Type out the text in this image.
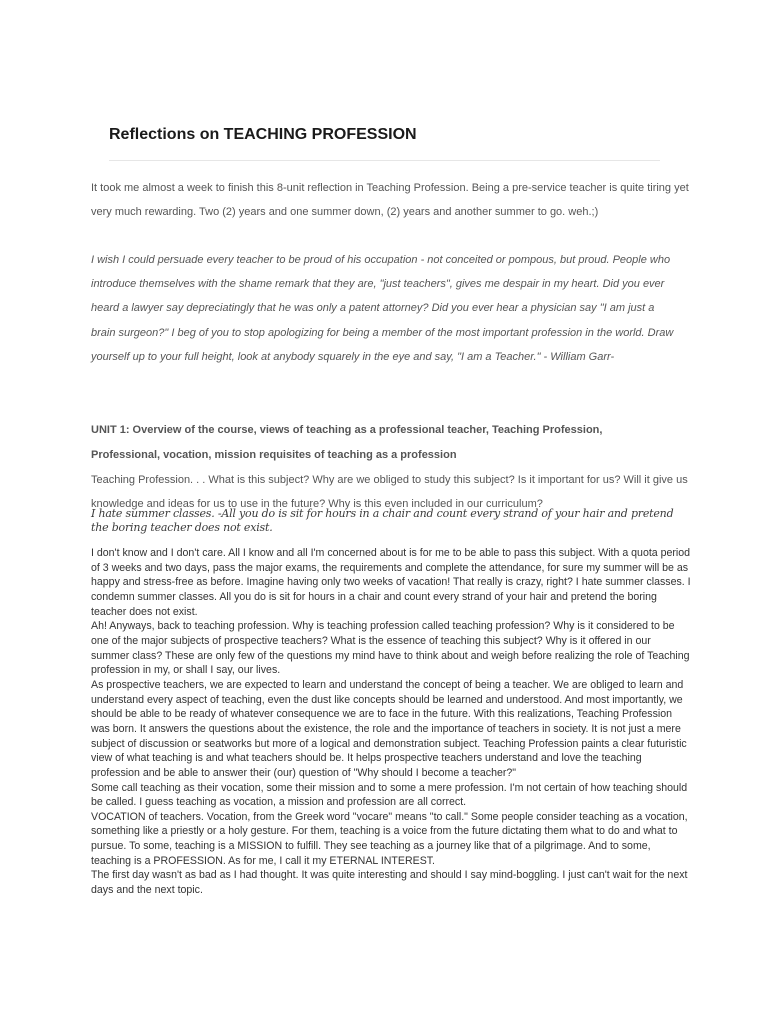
Reflections on TEACHING PROFESSION

It took me almost a week to finish this 8-unit reflection in Teaching Profession. Being a pre-service teacher is quite tiring yet very much rewarding. Two (2) years and one summer down, (2) years and another summer to go. weh.;)

I wish I could persuade every teacher to be proud of his occupation - not conceited or pompous, but proud. People who introduce themselves with the shame remark that they are, "just teachers", gives me despair in my heart. Did you ever heard a lawyer say depreciatingly that he was only a patent attorney? Did you ever hear a physician say "I am just a brain surgeon?" I beg of you to stop apologizing for being a member of the most important profession in the world. Draw yourself up to your full height, look at anybody squarely in the eye and say, "I am a Teacher." - William Garr-

UNIT 1: Overview of the course, views of teaching as a professional teacher, Teaching Profession, Professional, vocation, mission requisites of teaching as a profession

Teaching Profession. . . What is this subject? Why are we obliged to study this subject? Is it important for us? Will it give us knowledge and ideas for us to use in the future? Why is this even included in our curriculum?

I hate summer classes. -All you do is sit for hours in a chair and count every strand of your hair and pretend the boring teacher does not exist.

I don't know and I don't care. All I know and all I'm concerned about is for me to be able to pass this subject. With a quota period of 3 weeks and two days, pass the major exams, the requirements and complete the attendance, for sure my summer will be as happy and stress-free as before. Imagine having only two weeks of vacation! That really is crazy, right? I hate summer classes. I condemn summer classes. All you do is sit for hours in a chair and count every strand of your hair and pretend the boring teacher does not exist.

Ah! Anyways, back to teaching profession. Why is teaching profession called teaching profession? Why is it considered to be one of the major subjects of prospective teachers? What is the essence of teaching this subject? Why is it offered in our summer class? These are only few of the questions my mind have to think about and weigh before realizing the role of Teaching profession in my, or shall I say, our lives.

As prospective teachers, we are expected to learn and understand the concept of being a teacher. We are obliged to learn and understand every aspect of teaching, even the dust like concepts should be learned and understood. And most importantly, we should be able to be ready of whatever consequence we are to face in the future. With this realizations, Teaching Profession was born. It answers the questions about the existence, the role and the importance of teachers in society. It is not just a mere subject of discussion or seatworks but more of a logical and demonstration subject. Teaching Profession paints a clear futuristic view of what teaching is and what teachers should be. It helps prospective teachers understand and love the teaching profession and be able to answer their (our) question of "Why should I become a teacher?"

Some call teaching as their vocation, some their mission and to some a mere profession. I'm not certain of how teaching should be called. I guess teaching as vocation, a mission and profession are all correct.

VOCATION of teachers. Vocation, from the Greek word "vocare" means "to call." Some people consider teaching as a vocation, something like a priestly or a holy gesture. For them, teaching is a voice from the future dictating them what to do and what to pursue. To some, teaching is a MISSION to fulfill. They see teaching as a journey like that of a pilgrimage. And to some, teaching is a PROFESSION. As for me, I call it my ETERNAL INTEREST.

The first day wasn't as bad as I had thought. It was quite interesting and should I say mind-boggling. I just can't wait for the next days and the next topic.
